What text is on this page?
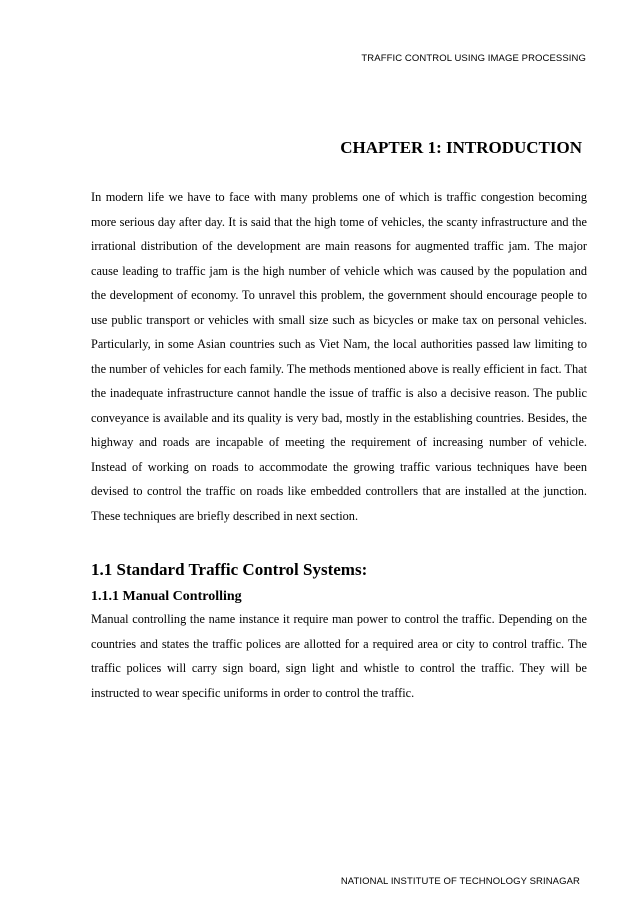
TRAFFIC CONTROL USING IMAGE PROCESSING
CHAPTER 1: INTRODUCTION

In modern life we have to face with many problems one of which is traffic congestion becoming more serious day after day. It is said that the high tome of vehicles, the scanty infrastructure and the irrational distribution of the development are main reasons for augmented traffic jam. The major cause leading to traffic jam is the high number of vehicle which was caused by the population and the development of economy. To unravel this problem, the government should encourage people to use public transport or vehicles with small size such as bicycles or make tax on personal vehicles. Particularly, in some Asian countries such as Viet Nam, the local authorities passed law limiting to the number of vehicles for each family. The methods mentioned above is really efficient in fact. That the inadequate infrastructure cannot handle the issue of traffic is also a decisive reason. The public conveyance is available and its quality is very bad, mostly in the establishing countries. Besides, the highway and roads are incapable of meeting the requirement of increasing number of vehicle. Instead of working on roads to accommodate the growing traffic various techniques have been devised to control the traffic on roads like embedded controllers that are installed at the junction. These techniques are briefly described in next section.

1.1 Standard Traffic Control Systems:
1.1.1 Manual Controlling

Manual controlling the name instance it require man power to control the traffic. Depending on the countries and states the traffic polices are allotted for a required area or city to control traffic. The traffic polices will carry sign board, sign light and whistle to control the traffic. They will be instructed to wear specific uniforms in order to control the traffic.

NATIONAL INSTITUTE OF TECHNOLOGY SRINAGAR
